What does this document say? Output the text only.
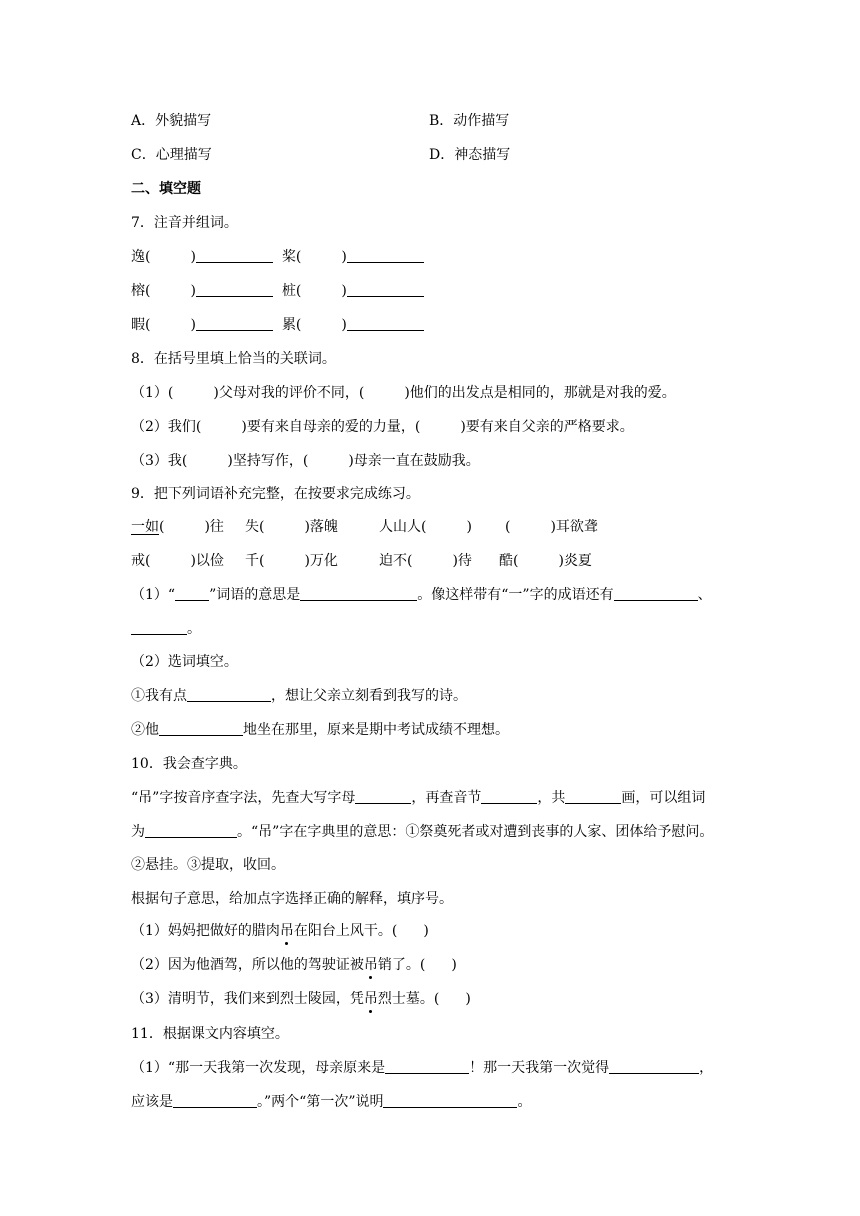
A．外貌描写	B．动作描写
C．心理描写	D．神态描写
二、填空题
7．注音并组词。
逸(	)	桨(	)
榕(	)	桩(	)
暇(	)	累(	)
8．在括号里填上恰当的关联词。
（1）(	)父母对我的评价不同，(	)他们的出发点是相同的，那就是对我的爱。
（2）我们(	)要有来自母亲的爱的力量，(	)要有来自父亲的严格要求。
（3）我(	)坚持写作，(	)母亲一直在鼓励我。
9．把下列词语补充完整，在按要求完成练习。
一如(	)往 失(	)落魄	人山人(	) (	)耳欲聋
戒(	)以俭 千(	)万化	迫不(	)待 酷(	)炎夏
（1）“ ”词语的意思是	。像这样带有“一”字的成语还有	、
。
（2）选词填空。
①我有点	，想让父亲立刻看到我写的诗。
②他	地坐在那里，原来是期中考试成绩不理想。
10．我会查字典。
“吊”字按音序查字法，先查大写字母	，再查音节	，共	画，可以组词
为	。“吊”字在字典里的意思：①祭奠死者或对遭到丧事的人家、团体给予慰问。
②悬挂。③提取，收回。
根据句子意思，给加点字选择正确的解释，填序号。
（1）妈妈把做好的腊肉吊在阳台上风干。( )
（2）因为他酒驾，所以他的驾驶证被吊销了。( )
（3）清明节，我们来到烈士陵园，凭吊烈士墓。( )
11．根据课文内容填空。
（1）“那一天我第一次发现，母亲原来是	！那一天我第一次觉得	，
应该是	。”两个“第一次”说明	。
